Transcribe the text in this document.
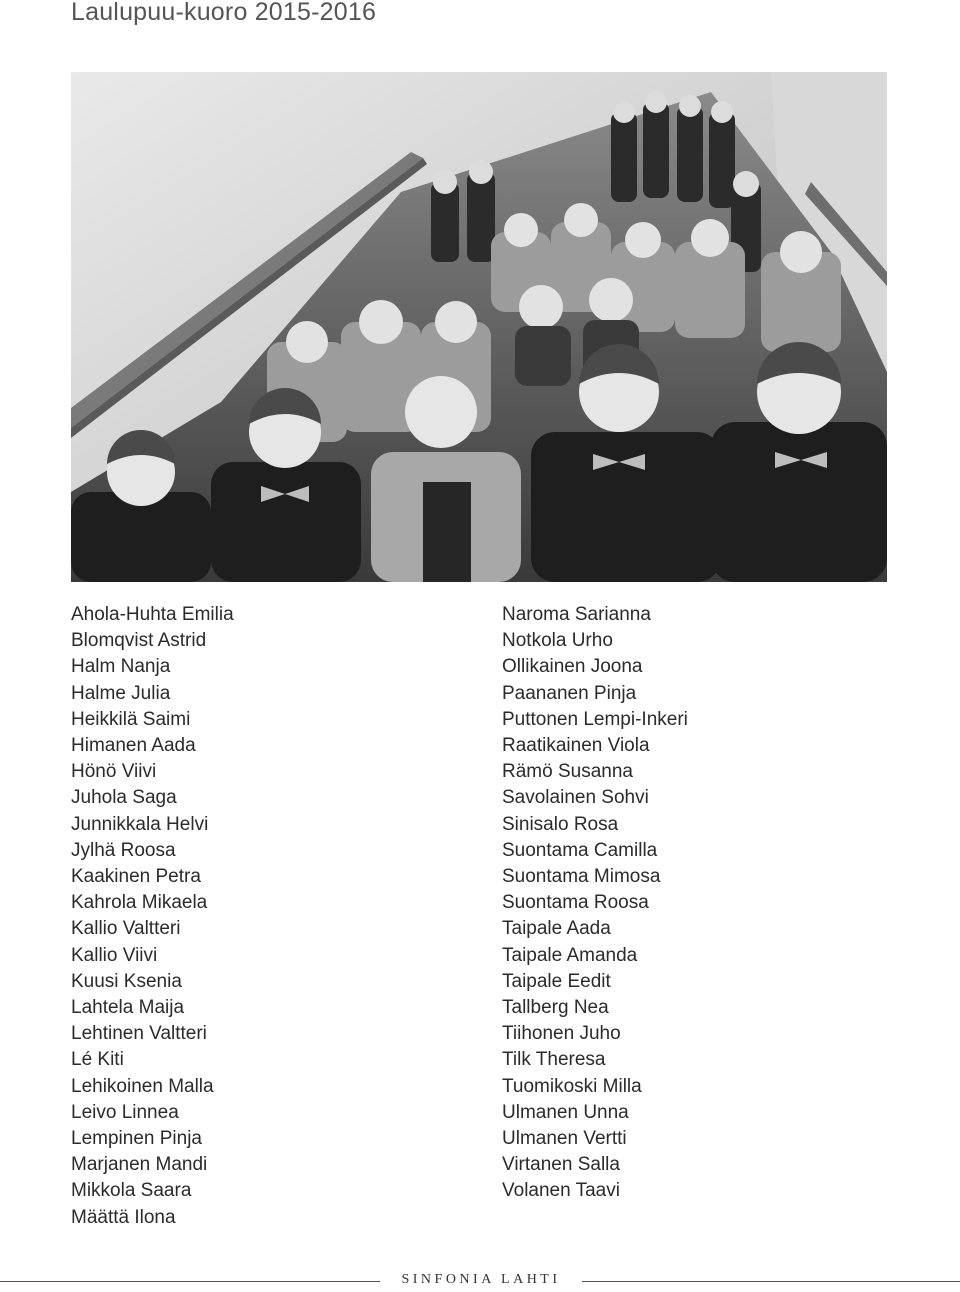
Laulupuu-kuoro 2015-2016
Ahola-Huhta Emilia
Blomqvist Astrid
Halm Nanja
Halme Julia
Heikkilä Saimi
Himanen Aada
Hönö Viivi
Juhola Saga
Junnikkala Helvi
Jylhä Roosa
Kaakinen Petra
Kahrola Mikaela
Kallio Valtteri
Kallio Viivi
Kuusi Ksenia
Lahtela Maija
Lehtinen Valtteri
Lé Kiti
Lehikoinen Malla
Leivo Linnea
Lempinen Pinja
Marjanen Mandi
Mikkola Saara
Määttä Ilona
Naroma Sarianna
Notkola Urho
Ollikainen Joona
Paananen Pinja
Puttonen Lempi-Inkeri
Raatikainen Viola
Rämö Susanna
Savolainen Sohvi
Sinisalo Rosa
Suontama Camilla
Suontama Mimosa
Suontama Roosa
Taipale Aada
Taipale Amanda
Taipale Eedit
Tallberg Nea
Tiihonen Juho
Tilk Theresa
Tuomikoski Milla
Ulmanen Unna
Ulmanen Vertti
Virtanen Salla
Volanen Taavi
SINFONIA LAHTI
